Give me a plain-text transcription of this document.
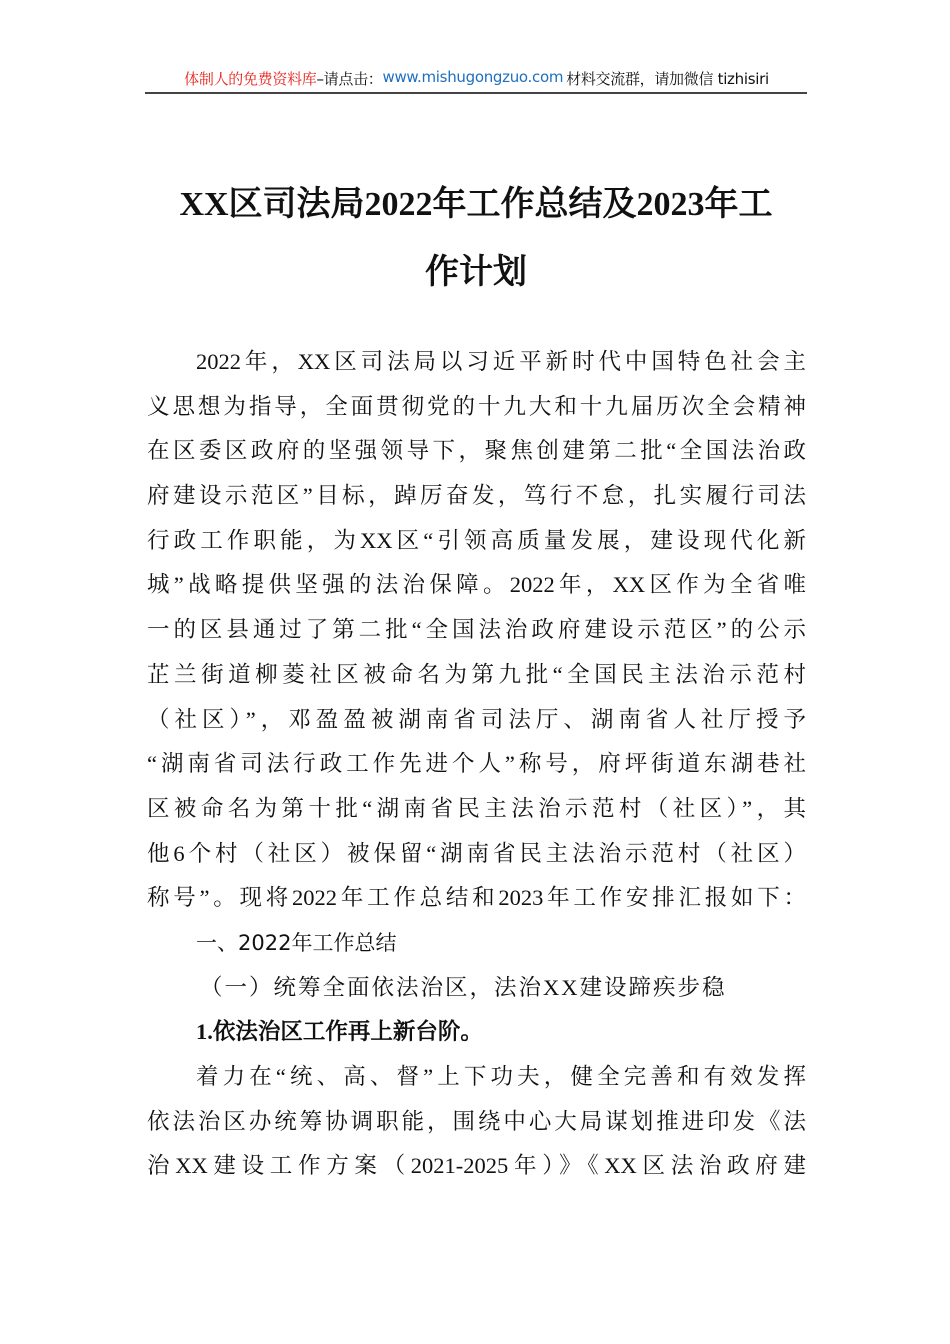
体制人的免费资料库 –请点击： www.mishugongzuo.com 材料交流群，请加微信 tizhisiri
XX区司法局2022年工作总结及2023年工
作计划
2022年，XX区司法局以习近平新时代中国特色社会主
义思想为指导，全面贯彻党的十九大和十九届历次全会精神
在区委区政府的坚强领导下，聚焦创建第二批“全国法治政
府建设示范区”目标，踔厉奋发，笃行不怠，扎实履行司法
行政工作职能，为XX区“引领高质量发展，建设现代化新
城”战略提供坚强的法治保障。2022年，XX区作为全省唯
一的区县通过了第二批“全国法治政府建设示范区”的公示
芷兰街道柳菱社区被命名为第九批“全国民主法治示范村
（社区）”，邓盈盈被湖南省司法厅、湖南省人社厅授予
“湖南省司法行政工作先进个人”称号，府坪街道东湖巷社
区被命名为第十批“湖南省民主法治示范村（社区）”，其
他6个村（社区）被保留“湖南省民主法治示范村（社区）
称号”。现将2022年工作总结和2023年工作安排汇报如下：
一、2022年工作总结
（一）统筹全面依法治区，法治XX建设蹄疾步稳
1.依法治区工作再上新台阶。
着力在“统、高、督”上下功夫，健全完善和有效发挥
依法治区办统筹协调职能，围绕中心大局谋划推进印发《法
治XX建设工作方案（2021-2025年）》《XX区法治政府建
